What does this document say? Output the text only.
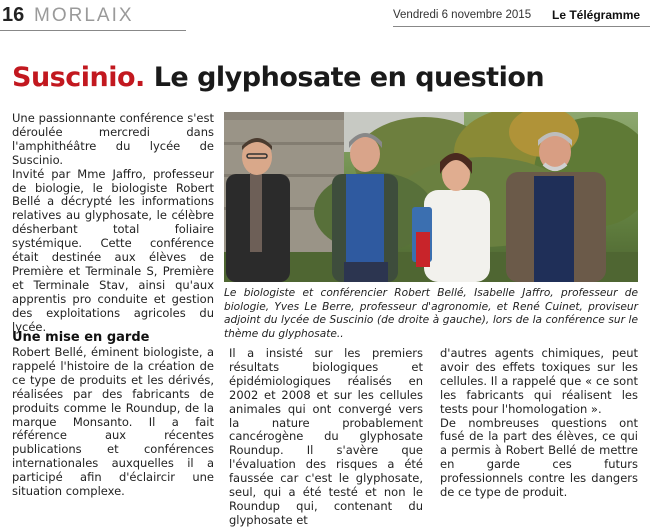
16 MORLAIX	Vendredi 6 novembre 2015 Le Télégramme
Suscinio. Le glyphosate en question

Une passionnante conférence s'est déroulée mercredi dans l'amphithéâtre du lycée de Suscinio.

Invité par Mme Jaffro, professeur de biologie, le biologiste Robert Bellé a décrypté les informations relatives au glyphosate, le célèbre désherbant total foliaire systémique. Cette conférence était destinée aux élèves de Première et Terminale S, Première et Terminale Stav, ainsi qu'aux apprentis pro conduite et gestion des exploitations agricoles du lycée.

Le biologiste et conférencier Robert Bellé, Isabelle Jaffro, professeur de biologie, Yves Le Berre, professeur d'agronomie, et René Cuinet, proviseur adjoint du lycée de Suscinio (de droite à gauche), lors de la conférence sur le thème du glyphosate..

Une mise en garde

Robert Bellé, éminent biologiste, a rappelé l'histoire de la création de ce type de produits et les dérivés, réalisées par des fabricants de produits comme le Roundup, de la marque Monsanto. Il a fait référence aux récentes publications et conférences internationales auxquelles il a participé afin d'éclaircir une situation complexe.

Il a insisté sur les premiers résultats biologiques et épidémiologiques réalisés en 2002 et 2008 et sur les cellules animales qui ont convergé vers la nature probablement cancérogène du glyphosate Roundup. Il s'avère que l'évaluation des risques a été faussée car c'est le glyphosate, seul, qui a été testé et non le Roundup qui, contenant du glyphosate et

d'autres agents chimiques, peut avoir des effets toxiques sur les cellules. Il a rappelé que « ce sont les fabricants qui réalisent les tests pour l'homologation ».

De nombreuses questions ont fusé de la part des élèves, ce qui a permis à Robert Bellé de mettre en garde ces futurs professionnels contre les dangers de ce type de produit.
